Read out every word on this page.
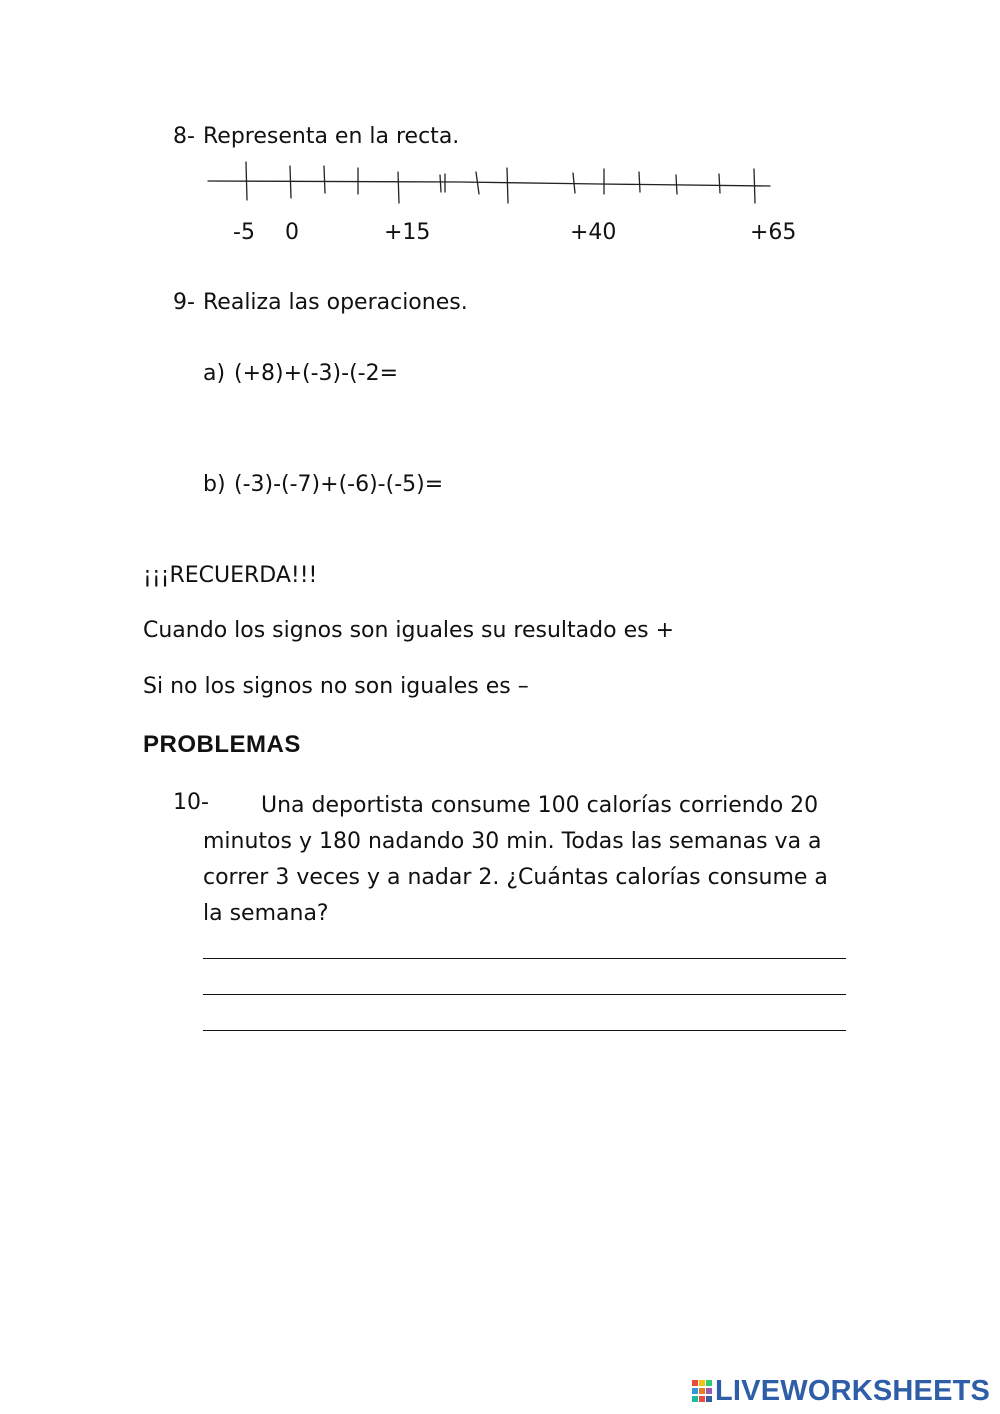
8- Representa en la recta.
-5 0	+15	+40	+65
9- Realiza las operaciones.
a) (+8)+(-3)-(-2=
b) (-3)-(-7)+(-6)-(-5)=
¡¡¡RECUERDA!!!
Cuando los signos son iguales su resultado es +
Si no los signos no son iguales es –
PROBLEMAS
10-	Una deportista consume 100 calorías corriendo 20 minutos y 180 nadando 30 min. Todas las semanas va a correr 3 veces y a nadar 2. ¿Cuántas calorías consume a la semana?
LIVEWORKSHEETS
